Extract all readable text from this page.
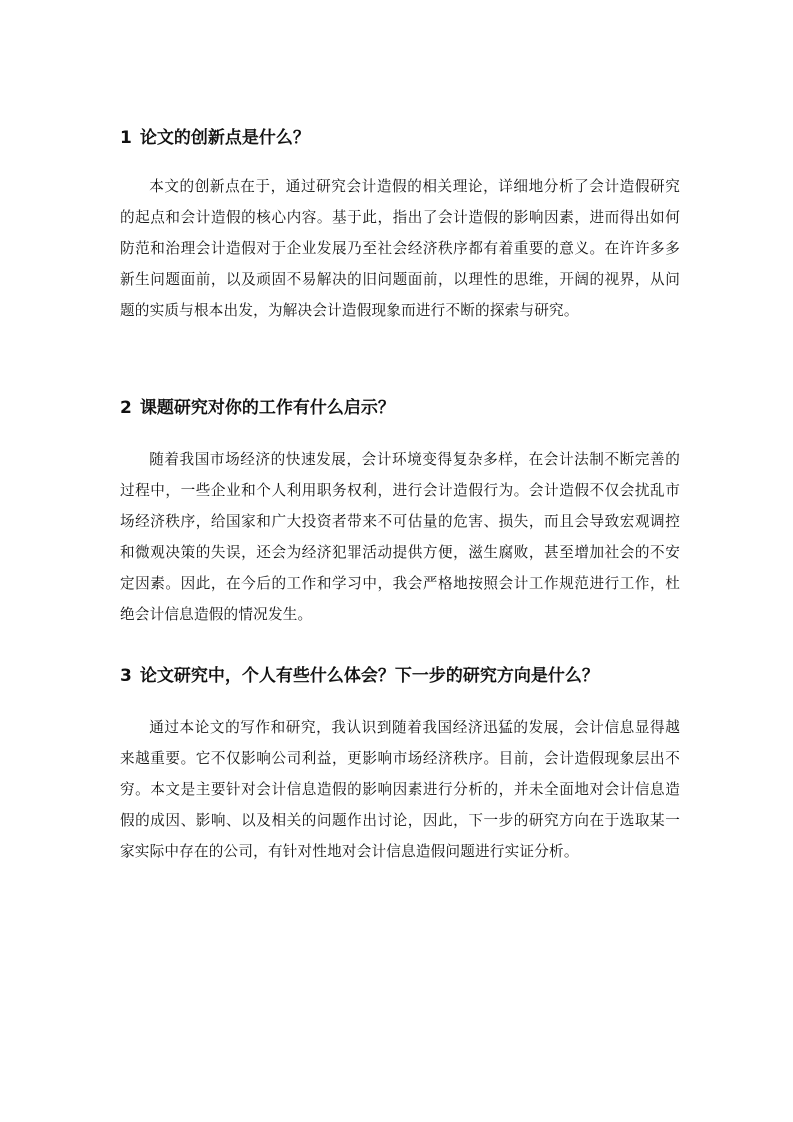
1 论文的创新点是什么？

本文的创新点在于，通过研究会计造假的相关理论，详细地分析了会计造假研究的起点和会计造假的核心内容。基于此，指出了会计造假的影响因素，进而得出如何防范和治理会计造假对于企业发展乃至社会经济秩序都有着重要的意义。在许许多多新生问题面前，以及顽固不易解决的旧问题面前，以理性的思维，开阔的视界，从问题的实质与根本出发，为解决会计造假现象而进行不断的探索与研究。

2 课题研究对你的工作有什么启示？

随着我国市场经济的快速发展，会计环境变得复杂多样，在会计法制不断完善的过程中，一些企业和个人利用职务权利，进行会计造假行为。会计造假不仅会扰乱市场经济秩序，给国家和广大投资者带来不可估量的危害、损失，而且会导致宏观调控和微观决策的失误，还会为经济犯罪活动提供方便，滋生腐败，甚至增加社会的不安定因素。因此，在今后的工作和学习中，我会严格地按照会计工作规范进行工作，杜绝会计信息造假的情况发生。

3 论文研究中，个人有些什么体会？下一步的研究方向是什么？

通过本论文的写作和研究，我认识到随着我国经济迅猛的发展，会计信息显得越来越重要。它不仅影响公司利益，更影响市场经济秩序。目前，会计造假现象层出不穷。本文是主要针对会计信息造假的影响因素进行分析的，并未全面地对会计信息造假的成因、影响、以及相关的问题作出讨论，因此，下一步的研究方向在于选取某一家实际中存在的公司，有针对性地对会计信息造假问题进行实证分析。
